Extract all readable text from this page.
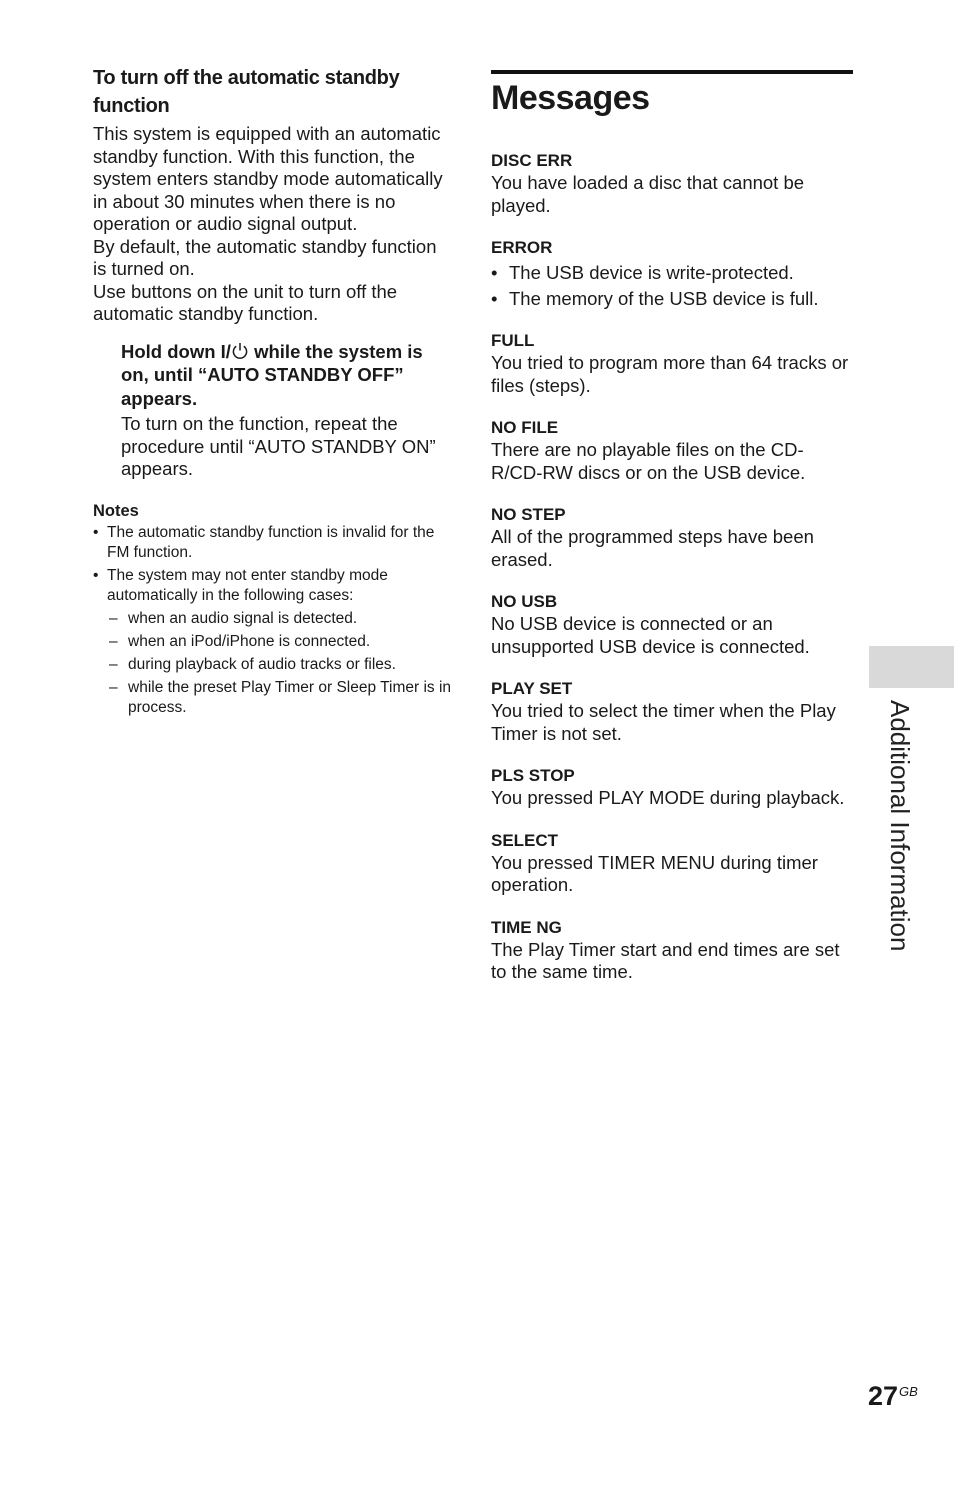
To turn off the automatic standby function

This system is equipped with an automatic standby function. With this function, the system enters standby mode automatically in about 30 minutes when there is no operation or audio signal output.

By default, the automatic standby function is turned on.

Use buttons on the unit to turn off the automatic standby function.

Hold down I/ while the system is on, until “AUTO STANDBY OFF” appears.

To turn on the function, repeat the procedure until “AUTO STANDBY ON” appears.

Notes
• The automatic standby function is invalid for the FM function.
• The system may not enter standby mode automatically in the following cases:
– when an audio signal is detected.
– when an iPod/iPhone is connected.
– during playback of audio tracks or files.
– while the preset Play Timer or Sleep Timer is in process.
Messages
DISC ERR
You have loaded a disc that cannot be played.
ERROR
• The USB device is write-protected.
• The memory of the USB device is full.
FULL
You tried to program more than 64 tracks or files (steps).
NO FILE
There are no playable files on the CD-R/CD-RW discs or on the USB device.
NO STEP
All of the programmed steps have been erased.
NO USB
No USB device is connected or an unsupported USB device is connected.
PLAY SET
You tried to select the timer when the Play Timer is not set.
PLS STOP
You pressed PLAY MODE during playback.
SELECT
You pressed TIMER MENU during timer operation.
TIME NG
The Play Timer start and end times are set to the same time.
Additional Information
27 GB
